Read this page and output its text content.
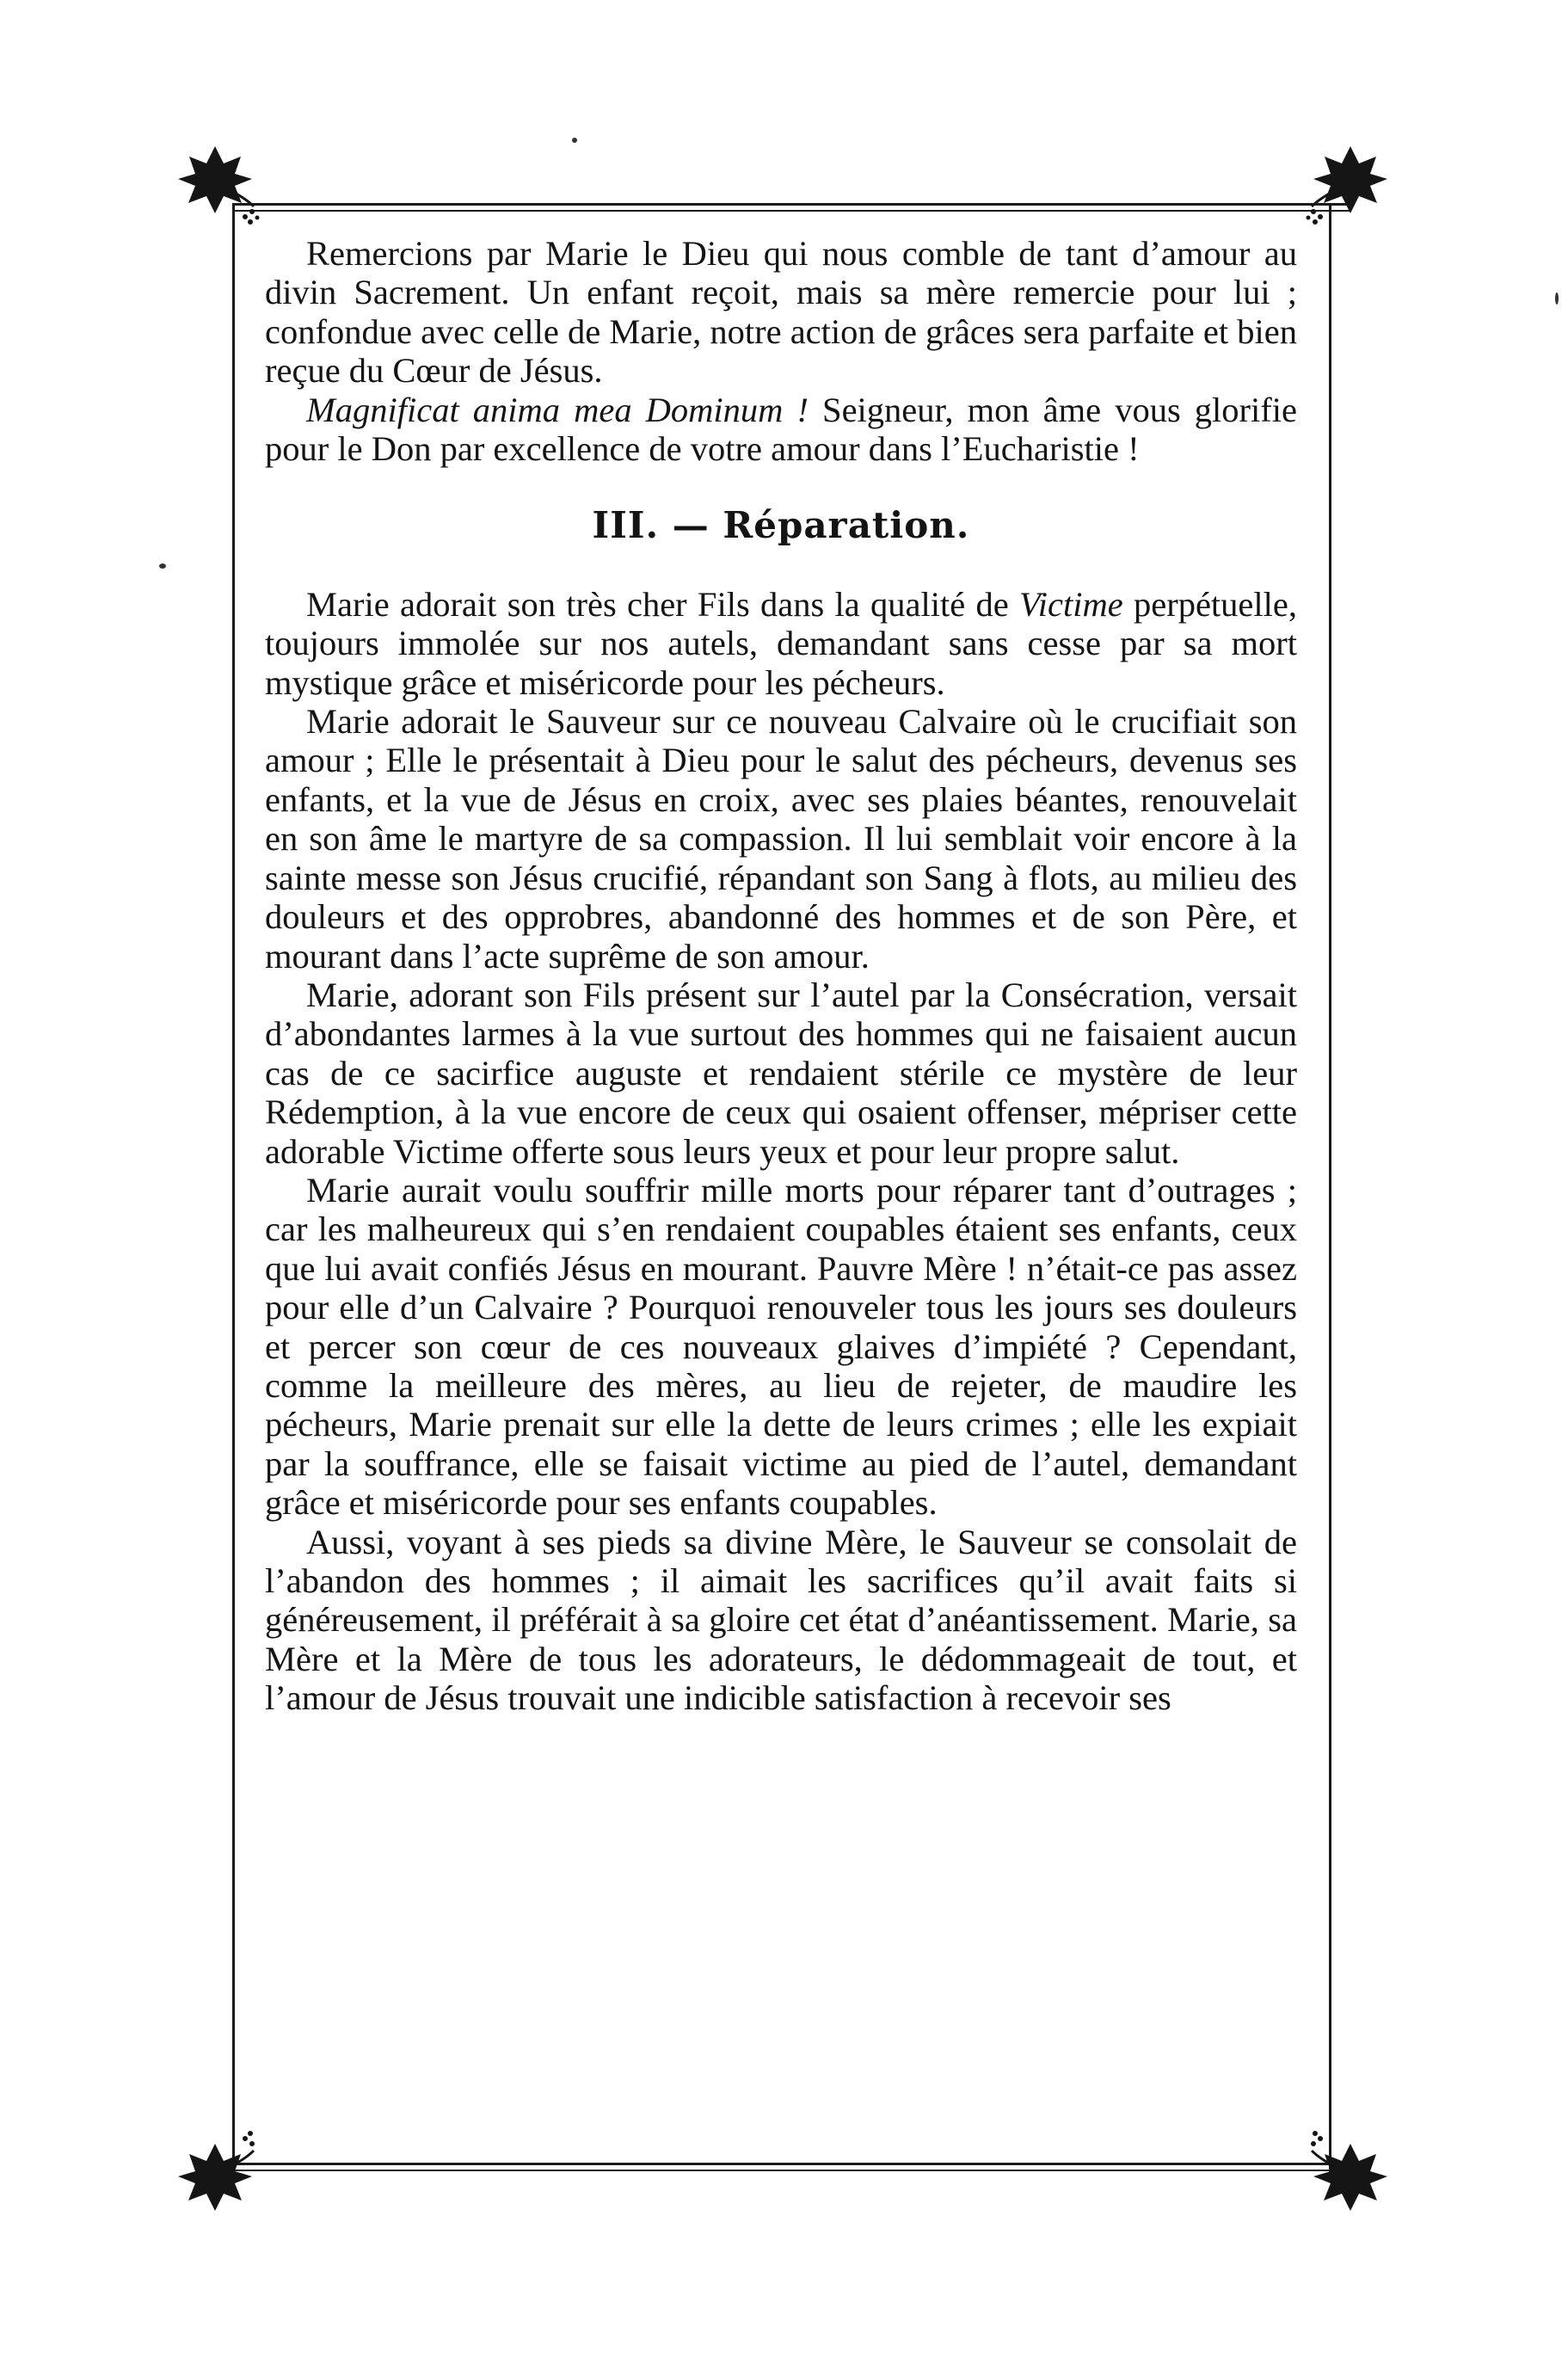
Remercions par Marie le Dieu qui nous comble de tant d’amour au divin Sacrement. Un enfant reçoit, mais sa mère remercie pour lui ; confondue avec celle de Marie, notre action de grâces sera parfaite et bien reçue du Cœur de Jésus.

Magnificat anima mea Dominum ! Seigneur, mon âme vous glorifie pour le Don par excellence de votre amour dans l’Eucharistie !

III. — Réparation.

Marie adorait son très cher Fils dans la qualité de Victime perpétuelle, toujours immolée sur nos autels, demandant sans cesse par sa mort mystique grâce et miséricorde pour les pécheurs.

Marie adorait le Sauveur sur ce nouveau Calvaire où le crucifiait son amour ; Elle le présentait à Dieu pour le salut des pécheurs, devenus ses enfants, et la vue de Jésus en croix, avec ses plaies béantes, renouvelait en son âme le martyre de sa compassion. Il lui semblait voir encore à la sainte messe son Jésus crucifié, répandant son Sang à flots, au milieu des douleurs et des opprobres, abandonné des hommes et de son Père, et mourant dans l’acte suprême de son amour.

Marie, adorant son Fils présent sur l’autel par la Consécration, versait d’abondantes larmes à la vue surtout des hommes qui ne faisaient aucun cas de ce sacirfice auguste et rendaient stérile ce mystère de leur Rédemption, à la vue encore de ceux qui osaient offenser, mépriser cette adorable Victime offerte sous leurs yeux et pour leur propre salut.

Marie aurait voulu souffrir mille morts pour réparer tant d’outrages ; car les malheureux qui s’en rendaient coupables étaient ses enfants, ceux que lui avait confiés Jésus en mourant. Pauvre Mère ! n’était-ce pas assez pour elle d’un Calvaire ? Pourquoi renouveler tous les jours ses douleurs et percer son cœur de ces nouveaux glaives d’impiété ? Cependant, comme la meilleure des mères, au lieu de rejeter, de maudire les pécheurs, Marie prenait sur elle la dette de leurs crimes ; elle les expiait par la souffrance, elle se faisait victime au pied de l’autel, demandant grâce et miséricorde pour ses enfants coupables.

Aussi, voyant à ses pieds sa divine Mère, le Sauveur se consolait de l’abandon des hommes ; il aimait les sacrifices qu’il avait faits si généreusement, il préférait à sa gloire cet état d’anéantissement. Marie, sa Mère et la Mère de tous les adorateurs, le dédommageait de tout, et l’amour de Jésus trouvait une indicible satisfaction à recevoir ses
